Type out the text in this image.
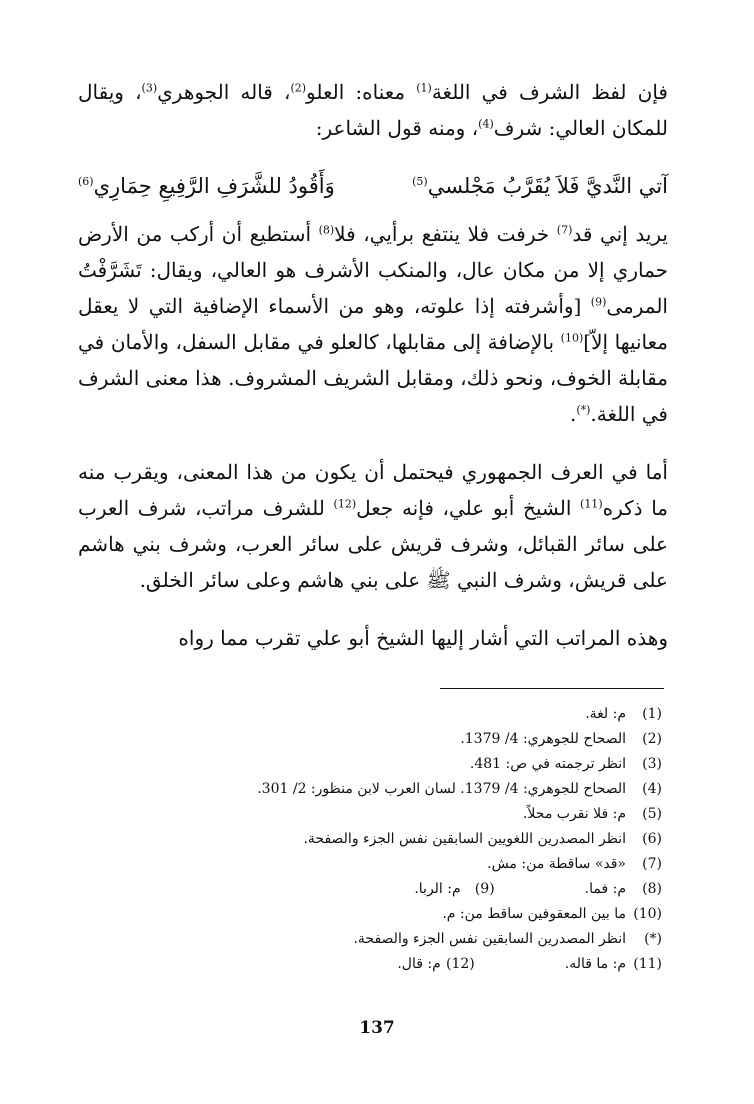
فإن لفظ الشرف في اللغة$^{(1)}$ معناه: العلو$^{(2)}$، قاله الجوهري$^{(3)}$، ويقال للمكان العالي: شرف$^{(4)}$، ومنه قول الشاعر:

آتي النَّديَّ فَلاَ يُقَرَّبُ مَجْلسي$^{(5)}$
وَأَقُودُ للشَّرَفِ الرَّفِيعِ حِمَارِي$^{(6)}$

يريد إني قد$^{(7)}$ خرفت فلا ينتفع برأيي، فلا$^{(8)}$ أستطيع أن أركب من الأرض حماري إلا من مكان عال، والمنكب الأشرف هو العالي، ويقال: تَشَرَّفْتُ المرمى$^{(9)}$ [وأشرفته إذا علوته، وهو من الأسماء الإضافية التي لا يعقل معانيها إلاّ]$^{(10)}$ بالإضافة إلى مقابلها، كالعلو في مقابل السفل، والأمان في مقابلة الخوف، ونحو ذلك، ومقابل الشريف المشروف. هذا معنى الشرف في اللغة.(*).

أما في العرف الجمهوري فيحتمل أن يكون من هذا المعنى، ويقرب منه ما ذكره$^{(11)}$ الشيخ أبو علي، فإنه جعل$^{(12)}$ للشرف مراتب، شرف العرب على سائر القبائل، وشرف قريش على سائر العرب، وشرف بني هاشم على قريش، وشرف النبي ﷺ على بني هاشم وعلى سائر الخلق.

وهذه المراتب التي أشار إليها الشيخ أبو علي تقرب مما رواه

(1)
م: لغة.
(2)
الصحاح للجوهري: 4/ 1379.
(3)
انظر ترجمته في ص: 481.
(4)
الصحاح للجوهري: 4/ 1379. لسان العرب لابن منظور: 2/ 301.
(5)
م: فلا نقرب محلاً.
(6)
انظر المصدرين اللغويين السابقين نفس الجزء والصفحة.
(7)
«قد» ساقطة من: مش.
(8)
م: فما.
(9)
م: الربا.
(10)
ما بين المعقوفين ساقط من: م.
(*)
انظر المصدرين السابقين نفس الجزء والصفحة.
(11)
م: ما قاله.
(12)
م: قال.
137
